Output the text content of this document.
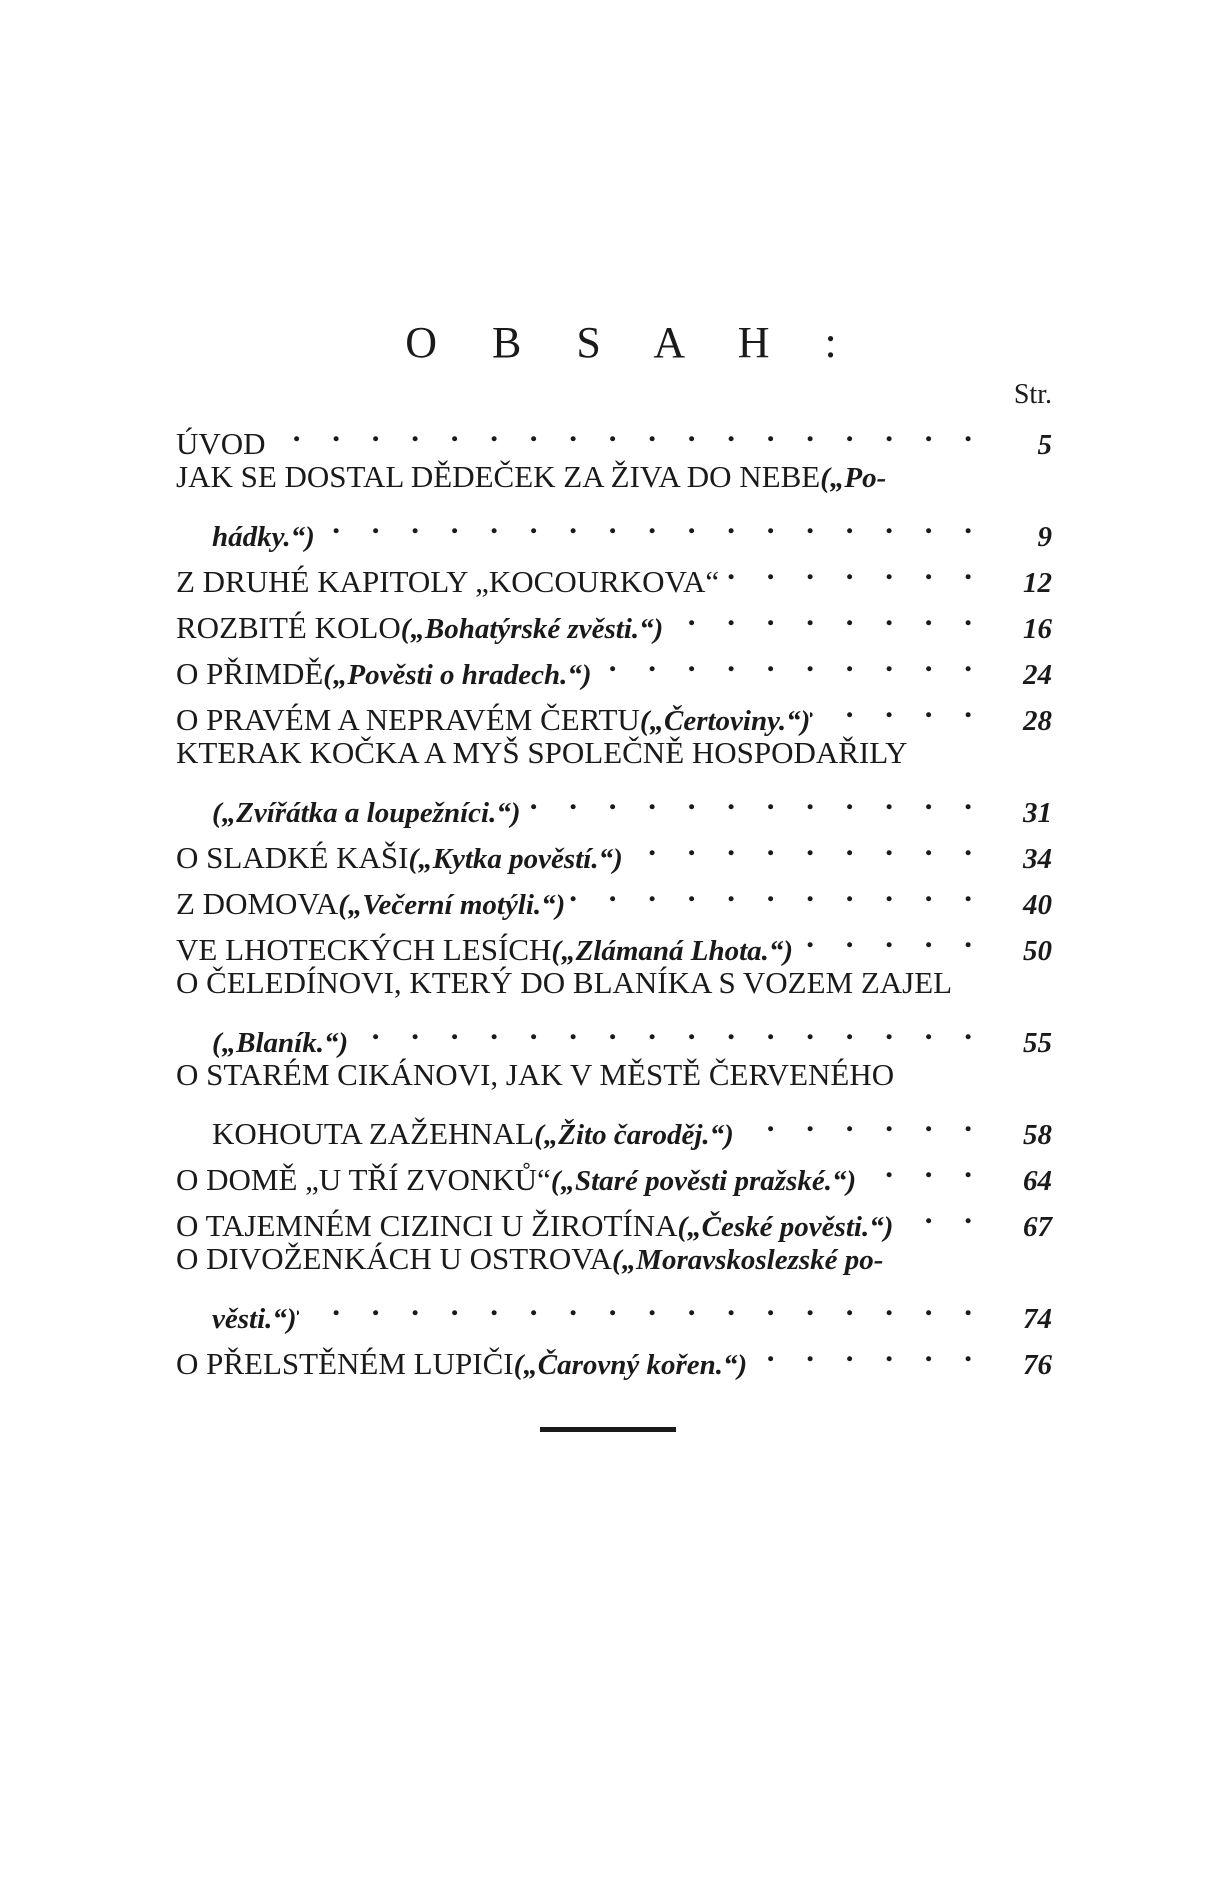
O B S A H :
Str.
ÚVOD . . .	5
JAK SE DOSTAL DĚDEČEK ZA ŽIVA DO NEBE („Po-
hádky.“) . . .	9
Z DRUHÉ KAPITOLY „KOCOURKOVA“ . . .	12
ROZBITÉ KOLO („Bohatýrské zvěsti.“) . . .	16
O PŘIMDĚ („Pověsti o hradech.“) . . .	24
O PRAVÉM A NEPRAVÉM ČERTU („Čertoviny.“) . . .	28
KTERAK KOČKA A MYŠ SPOLEČNĚ HOSPODAŘILY
(„Zvířátka a loupežníci.“) . . .	31
O SLADKÉ KAŠI („Kytka pověstí.“) . . .	34
Z DOMOVA („Večerní motýli.“) . . .	40
VE LHOTECKÝCH LESÍCH („Zlámaná Lhota.“) . . .	50
O ČELEDÍNOVI, KTERÝ DO BLANÍKA S VOZEM ZAJEL
(„Blaník.“) . . .	55
O STARÉM CIKÁNOVI, JAK V MĚSTĚ ČERVENÉHO
KOHOUTA ZAŽEHNAL („Žito čaroděj.“) . . .	58
O DOMĚ „U TŘÍ ZVONKŮ“ („Staré pověsti pražské.“) . . .	64
O TAJEMNÉM CIZINCI U ŽIROTÍNA („České pověsti.“) . . .	67
O DIVOŽENKÁCH U OSTROVA („Moravskoslezské po-
věsti.“) . . .	74
O PŘELSTĚNÉM LUPIČI („Čarovný kořen.“) . . .	76
